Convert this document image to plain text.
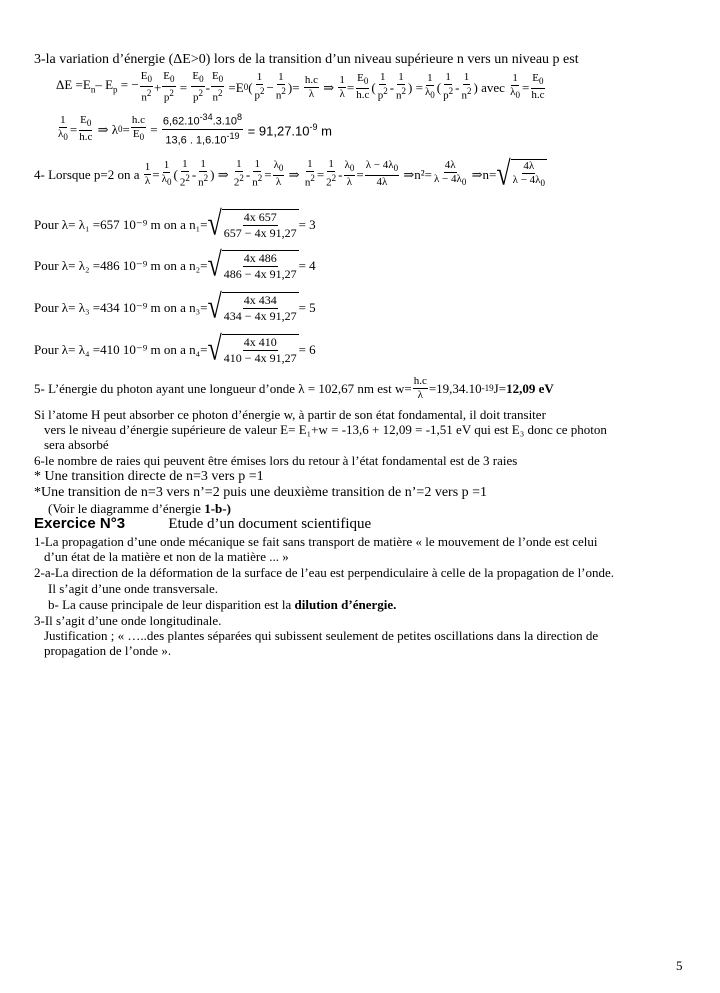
3-la variation d’énergie (ΔE>0) lors de la transition d’un niveau supérieure n vers un niveau p est
$\Delta E =E_n-$ $E_p$ = − $\frac{E_0}{n^2} + \frac{E_0}{p^2} = \frac{E_0}{p^2} - \frac{E_0}{n^2} =E$ 0 ( $\frac{1}{p^2} - \frac{1}{n^2}$ )= $\frac{h.c}{\lambda}$ ⇒ $\frac{1}{\lambda} = \frac{E_0}{h.c}$ ( $\frac{1}{p^2} - \frac{1}{n^2}$ ) = $\frac{1}{\lambda_0}$ ( $\frac{1}{p^2} - \frac{1}{n^2}$ ) avec
$\frac{1}{\lambda_0} = \frac{E_0}{h.c}$
$\frac{1}{\lambda_0} = \frac{E_0}{h.c}$ ⇒ λ $0 = \frac{h.c}{E_0} = \frac{6,62.10^{-34}.3.10^8}{13,6 . 1,6.10^{-19}} = 91,27.10^{-9}$ m
4- Lorsque p=2 on a
$\frac{1}{\lambda} = \frac{1}{\lambda_0}$ ( $\frac{1}{2^2} - \frac{1}{n^2}$ ) ⇒ $\frac{1}{2^2} - \frac{1}{n^2} = \frac{\lambda_0}{\lambda}$ ⇒ $\frac{1}{n^2} = \frac{1}{2^2} - \frac{\lambda_0}{\lambda} = \frac{\lambda - 4\lambda_0}{4\lambda}$ ⇒ $n^2= \frac{4\lambda}{\lambda - 4\lambda_0}$ ⇒ n= √ $\frac{4\lambda}{\lambda - 4\lambda_0}$
Pour λ= λ₁ =657 10⁻⁹ m on a n₁= √ $\frac{4x 657}{657 - 4x 91,27} = 3$
Pour λ= λ₂ =486 10⁻⁹ m on a n₂= √ $\frac{4x 486}{486 - 4x 91,27} = 4$
Pour λ= λ₃ =434 10⁻⁹ m on a n₃= √ $\frac{4x 434}{434 - 4x 91,27} = 5$
Pour λ= λ₄ =410 10⁻⁹ m on a n₄= √ $\frac{4x 410}{410 - 4x 91,27} = 6$
5- L’énergie du photon ayant une longueur d’onde λ = 102,67 nm est $w= \frac{h.c}{\lambda} =19,34.10$ -19 J= 12,09 eV
Si l’atome H peut absorber ce photon d’énergie w, à partir de son état fondamental, il doit transiter
vers le niveau d’énergie supérieure de valeur E= E₁+w = -13,6 + 12,09 = -1,51 eV qui est E₃ donc ce photon
sera absorbé
6-le nombre de raies qui peuvent être émises lors du retour à l’état fondamental est de 3 raies
* Une transition directe de n=3 vers p =1
*Une transition de n=3 vers n’=2 puis une deuxième transition de n’=2 vers p =1
(Voir le diagramme d’énergie 1-b-)
Exercice N°3	Etude d’un document scientifique
1-La propagation d’une onde mécanique se fait sans transport de matière « le mouvement de l’onde est celui
d’un état de la matière et non de la matière ... »
2-a-La direction de la déformation de la surface de l’eau est perpendiculaire à celle de la propagation de l’onde.
Il s’agit d’une onde transversale.
b- La cause principale de leur disparition est la dilution d’énergie.
3-Il s’agit d’une onde longitudinale.
Justification ; « …..des plantes séparées qui subissent seulement de petites oscillations dans la direction de
propagation de l’onde ».
5
